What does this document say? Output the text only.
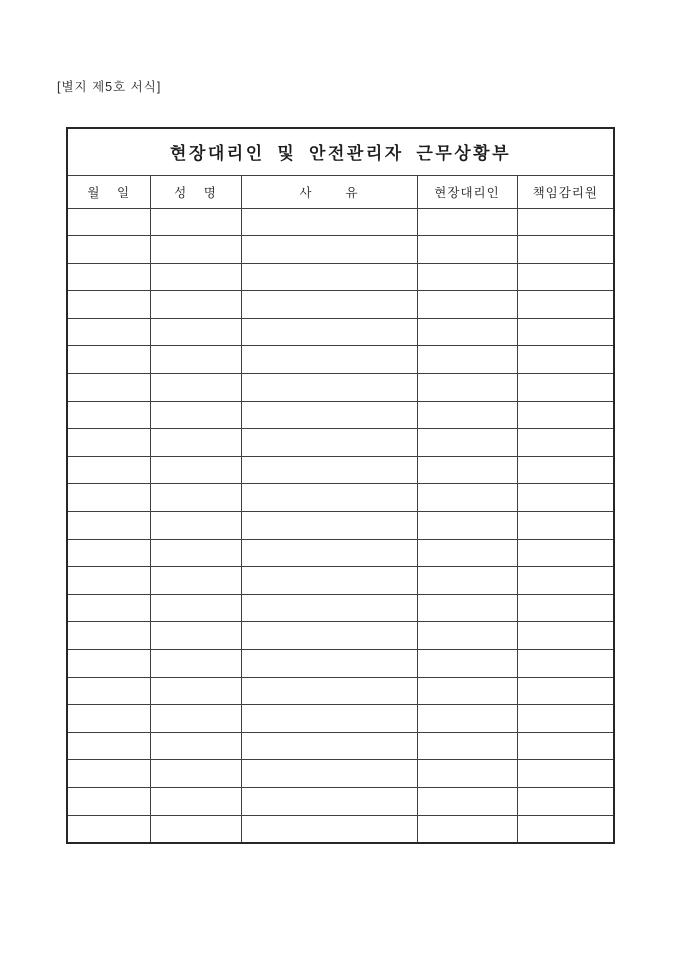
[별지 제5호 서식]
현장대리인 및 안전관리자 근무상황부				
월    일	성    명	사        유	현장대리인	책임감리원
